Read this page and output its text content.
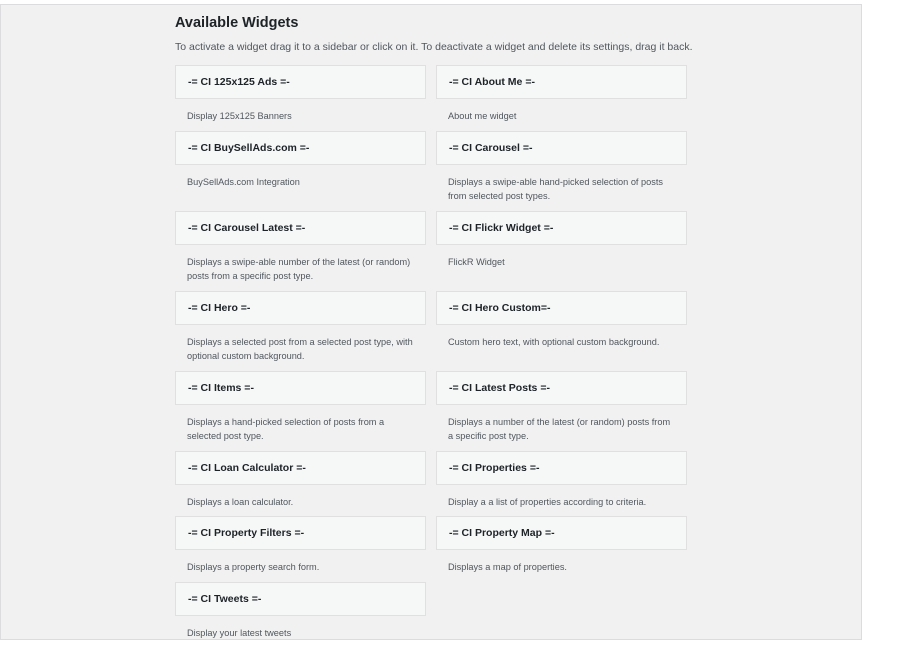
Available Widgets

To activate a widget drag it to a sidebar or click on it. To deactivate a widget and delete its settings, drag it back.

-= CI 125x125 Ads =-
Display 125x125 Banners
-= CI About Me =-
About me widget
-= CI BuySellAds.com =-
BuySellAds.com Integration
-= CI Carousel =-
Displays a swipe-able hand-picked selection of posts from selected post types.
-= CI Carousel Latest =-
Displays a swipe-able number of the latest (or random) posts from a specific post type.
-= CI Flickr Widget =-
FlickR Widget
-= CI Hero =-
Displays a selected post from a selected post type, with optional custom background.
-= CI Hero Custom=-
Custom hero text, with optional custom background.
-= CI Items =-
Displays a hand-picked selection of posts from a selected post type.
-= CI Latest Posts =-
Displays a number of the latest (or random) posts from a specific post type.
-= CI Loan Calculator =-
Displays a loan calculator.
-= CI Properties =-
Display a a list of properties according to criteria.
-= CI Property Filters =-
Displays a property search form.
-= CI Property Map =-
Displays a map of properties.
-= CI Tweets =-
Display your latest tweets
